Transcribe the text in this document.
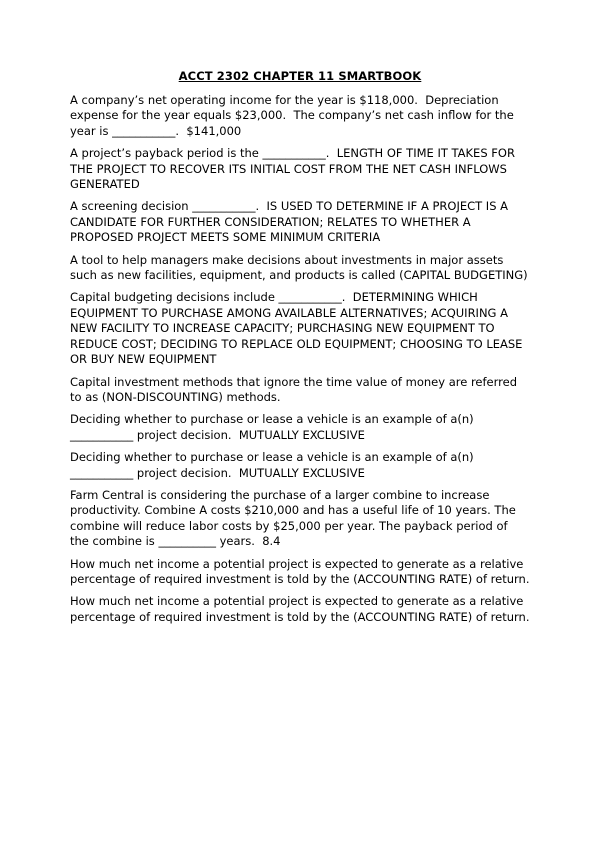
ACCT 2302 CHAPTER 11 SMARTBOOK
A company’s net operating income for the year is $118,000.  Depreciation expense for the year equals $23,000.  The company’s net cash inflow for the year is ___________.  $141,000
A project’s payback period is the ___________.  LENGTH OF TIME IT TAKES FOR THE PROJECT TO RECOVER ITS INITIAL COST FROM THE NET CASH INFLOWS GENERATED
A screening decision ___________.  IS USED TO DETERMINE IF A PROJECT IS A CANDIDATE FOR FURTHER CONSIDERATION; RELATES TO WHETHER A PROPOSED PROJECT MEETS SOME MINIMUM CRITERIA
A tool to help managers make decisions about investments in major assets such as new facilities, equipment, and products is called (CAPITAL BUDGETING)
Capital budgeting decisions include ___________.  DETERMINING WHICH EQUIPMENT TO PURCHASE AMONG AVAILABLE ALTERNATIVES; ACQUIRING A NEW FACILITY TO INCREASE CAPACITY; PURCHASING NEW EQUIPMENT TO REDUCE COST; DECIDING TO REPLACE OLD EQUIPMENT; CHOOSING TO LEASE OR BUY NEW EQUIPMENT
Capital investment methods that ignore the time value of money are referred to as (NON-DISCOUNTING) methods.
Deciding whether to purchase or lease a vehicle is an example of a(n) ___________ project decision.  MUTUALLY EXCLUSIVE
Deciding whether to purchase or lease a vehicle is an example of a(n) ___________ project decision.  MUTUALLY EXCLUSIVE
Farm Central is considering the purchase of a larger combine to increase productivity. Combine A costs $210,000 and has a useful life of 10 years. The combine will reduce labor costs by $25,000 per year. The payback period of the combine is __________ years.  8.4
How much net income a potential project is expected to generate as a relative percentage of required investment is told by the (ACCOUNTING RATE) of return.
How much net income a potential project is expected to generate as a relative percentage of required investment is told by the (ACCOUNTING RATE) of return.
